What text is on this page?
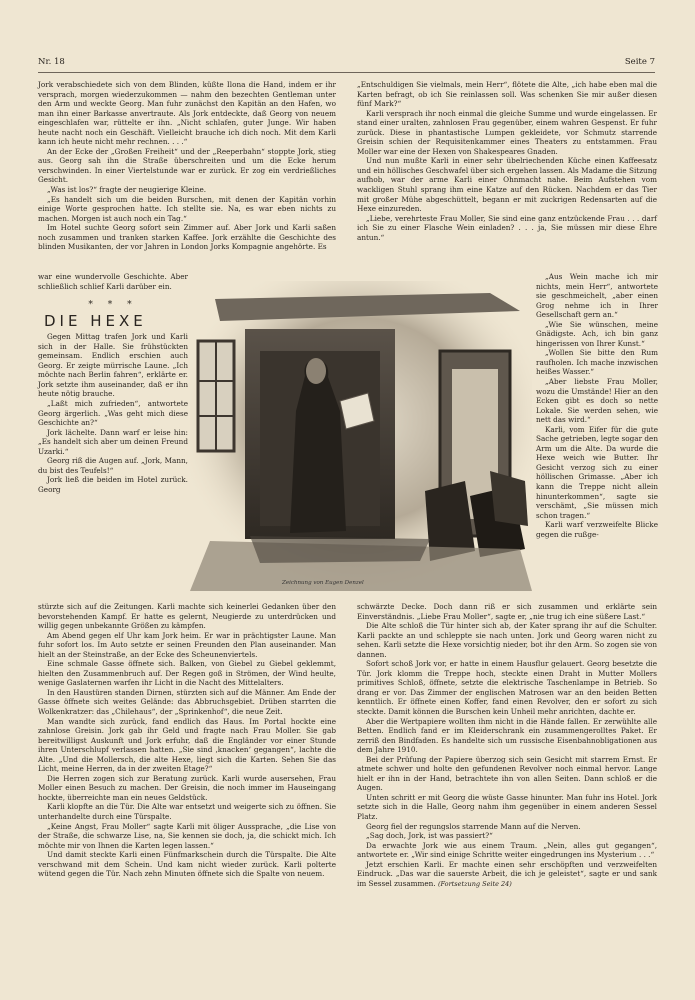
Nr. 18	Seite 7

Jork verabschiedete sich von dem Blinden, küßte Ilona die Hand, indem er ihr versprach, morgen wiederzukommen — nahm den bezechten Gentleman unter den Arm und weckte Georg. Man fuhr zunächst den Kapitän an den Hafen, wo man ihn einer Barkasse anvertraute. Als Jork entdeckte, daß Georg von neuem eingeschlafen war, rüttelte er ihn. „Nicht schlafen, guter Junge. Wir haben heute nacht noch ein Geschäft. Vielleicht brauche ich dich noch. Mit dem Karli kann ich heute nicht mehr rechnen. . . .“

An der Ecke der „Großen Freiheit“ und der „Reeperbahn“ stoppte Jork, stieg aus. Georg sah ihn die Straße überschreiten und um die Ecke herum verschwinden. In einer Viertelstunde war er zurück. Er zog ein verdrießliches Gesicht.

„Was ist los?“ fragte der neugierige Kleine.

„Es handelt sich um die beiden Burschen, mit denen der Kapitän vorhin einige Worte gesprochen hatte. Ich stellte sie. Na, es war eben nichts zu machen. Morgen ist auch noch ein Tag.“

Im Hotel suchte Georg sofort sein Zimmer auf. Aber Jork und Karli saßen noch zusammen und tranken starken Kaffee. Jork erzählte die Geschichte des blinden Musikanten, der vor Jahren in London Jorks Kompagnie angehörte. Es

war eine wundervolle Geschichte. Aber schließlich schlief Karli darüber ein.

* * *
DIE HEXE

Gegen Mittag trafen Jork und Karli sich in der Halle. Sie frühstückten gemeinsam. Endlich erschien auch Georg. Er zeigte mürrische Laune. „Ich möchte nach Berlin fahren“, erklärte er. Jork setzte ihm auseinander, daß er ihn heute nötig brauche.

„Laßt mich zufrieden“, antwortete Georg ärgerlich. „Was geht mich diese Geschichte an?“

Jork lächelte. Dann warf er leise hin: „Es handelt sich aber um deinen Freund Uzarki.“

Georg riß die Augen auf. „Jork, Mann, du bist des Teufels!“

Jork ließ die beiden im Hotel zurück. Georg

Zeichnung von Eugen Denzel

„Entschuldigen Sie vielmals, mein Herr“, flötete die Alte, „ich habe eben mal die Karten befragt, ob ich Sie reinlassen soll. Was schenken Sie mir außer diesen fünf Mark?“

Karli versprach ihr noch einmal die gleiche Summe und wurde eingelassen. Er stand einer uralten, zahnlosen Frau gegenüber, einem wahren Gespenst. Er fuhr zurück. Diese in phantastische Lumpen gekleidete, vor Schmutz starrende Greisin schien der Requisitenkammer eines Theaters zu entstammen. Frau Moller war eine der Hexen von Shakespeares Gnaden.

Und nun mußte Karli in einer sehr übelriechenden Küche einen Kaffeesatz und ein höllisches Geschwafel über sich ergehen lassen. Als Madame die Sitzung aufhob, war der arme Karli einer Ohnmacht nahe. Beim Aufstehen vom wackligen Stuhl sprang ihm eine Katze auf den Rücken. Nachdem er das Tier mit großer Mühe abgeschüttelt, begann er mit zuckrigen Redensarten auf die Hexe einzureden.

„Liebe, verehrteste Frau Moller, Sie sind eine ganz entzückende Frau . . . darf ich Sie zu einer Flasche Wein einladen? . . . ja, Sie müssen mir diese Ehre antun.“

„Aus Wein mache ich mir nichts, mein Herr“, antwortete sie geschmeichelt, „aber einen Grog nehme ich in Ihrer Gesellschaft gern an.“

„Wie Sie wünschen, meine Gnädigste. Ach, ich bin ganz hingerissen von Ihrer Kunst.“

„Wollen Sie bitte den Rum raufholen. Ich mache inzwischen heißes Wasser.“

„Aber liebste Frau Moller, wozu die Umstände! Hier an den Ecken gibt es doch so nette Lokale. Sie werden sehen, wie nett das wird.“

Karli, vom Eifer für die gute Sache getrieben, legte sogar den Arm um die Alte. Da wurde die Hexe weich wie Butter. Ihr Gesicht verzog sich zu einer höllischen Grimasse. „Aber ich kann die Treppe nicht allein hinunterkommen“, sagte sie verschämt, „Sie müssen mich schon tragen.“

Karli warf verzweifelte Blicke gegen die rußge-

stürzte sich auf die Zeitungen. Karli machte sich keinerlei Gedanken über den bevorstehenden Kampf. Er hatte es gelernt, Neugierde zu unterdrücken und willig gegen unbekannte Größen zu kämpfen.

Am Abend gegen elf Uhr kam Jork heim. Er war in prächtigster Laune. Man fuhr sofort los. Im Auto setzte er seinen Freunden den Plan auseinander. Man hielt an der Steinstraße, an der Ecke des Scheunenviertels.

Eine schmale Gasse öffnete sich. Balken, von Giebel zu Giebel geklemmt, hielten den Zusammenbruch auf. Der Regen goß in Strömen, der Wind heulte, wenige Gaslaternen warfen ihr Licht in die Nacht des Mittelalters.

In den Haustüren standen Dirnen, stürzten sich auf die Männer. Am Ende der Gasse öffnete sich weites Gelände: das Abbruchsgebiet. Drüben starrten die Wolkenkratzer: das „Chilehaus“, der „Sprinkenhof“, die neue Zeit.

Man wandte sich zurück, fand endlich das Haus. Im Portal hockte eine zahnlose Greisin. Jork gab ihr Geld und fragte nach Frau Moller. Sie gab bereitwilligst Auskunft und Jork erfuhr, daß die Engländer vor einer Stunde ihren Unterschlupf verlassen hatten. „Sie sind ‚knacken‘ gegangen“, lachte die Alte. „Und die Mollersch, die alte Hexe, liegt sich die Karten. Sehen Sie das Licht, meine Herren, da in der zweiten Etage?“

Die Herren zogen sich zur Beratung zurück. Karli wurde ausersehen, Frau Moller einen Besuch zu machen. Der Greisin, die noch immer im Hauseingang hockte, überreichte man ein neues Geldstück.

Karli klopfte an die Tür. Die Alte war entsetzt und weigerte sich zu öffnen. Sie unterhandelte durch eine Türspalte.

„Keine Angst, Frau Moller“ sagte Karli mit öliger Aussprache, „die Lise von der Straße, die schwarze Lise, na, Sie kennen sie doch, ja, die schickt mich. Ich möchte mir von Ihnen die Karten legen lassen.“

Und damit steckte Karli einen Fünfmarkschein durch die Türspalte. Die Alte verschwand mit dem Schein. Und kam nicht wieder zurück. Karli polterte wütend gegen die Tür. Nach zehn Minuten öffnete sich die Spalte von neuem.

schwärzte Decke. Doch dann riß er sich zusammen und erklärte sein Einverständnis. „Liebe Frau Moller“, sagte er, „nie trug ich eine süßere Last.“

Die Alte schloß die Tür hinter sich ab, der Kater sprang ihr auf die Schulter. Karli packte an und schleppte sie nach unten. Jork und Georg waren nicht zu sehen. Karli setzte die Hexe vorsichtig nieder, bot ihr den Arm. So zogen sie von dannen.

Sofort schoß Jork vor, er hatte in einem Hausflur gelauert. Georg besetzte die Tür. Jork klomm die Treppe hoch, steckte einen Draht in Mutter Mollers primitives Schloß, öffnete, setzte die elektrische Taschenlampe in Betrieb. So drang er vor. Das Zimmer der englischen Matrosen war an den beiden Betten kenntlich. Er öffnete einen Koffer, fand einen Revolver, den er sofort zu sich steckte. Damit können die Burschen kein Unheil mehr anrichten, dachte er.

Aber die Wertpapiere wollten ihm nicht in die Hände fallen. Er zerwühlte alle Betten. Endlich fand er im Kleiderschrank ein zusammengerolltes Paket. Er zerriß den Bindfaden. Es handelte sich um russische Eisenbahnobligationen aus dem Jahre 1910.

Bei der Prüfung der Papiere überzog sich sein Gesicht mit starrem Ernst. Er atmete schwer und holte den gefundenen Revolver noch einmal hervor. Lange hielt er ihn in der Hand, betrachtete ihn von allen Seiten. Dann schloß er die Augen.

Unten schritt er mit Georg die wüste Gasse hinunter. Man fuhr ins Hotel. Jork setzte sich in die Halle, Georg nahm ihm gegenüber in einem anderen Sessel Platz.

Georg fiel der regungslos starrende Mann auf die Nerven.

„Sag doch, Jork, ist was passiert?“

Da erwachte Jork wie aus einem Traum. „Nein, alles gut gegangen“, antwortete er. „Wir sind einige Schritte weiter eingedrungen ins Mysterium . . .“

Jetzt erschien Karli. Er machte einen sehr erschöpften und verzweifelten Eindruck. „Das war die sauerste Arbeit, die ich je geleistet“, sagte er und sank im Sessel zusammen. (Fortsetzung Seite 24)
